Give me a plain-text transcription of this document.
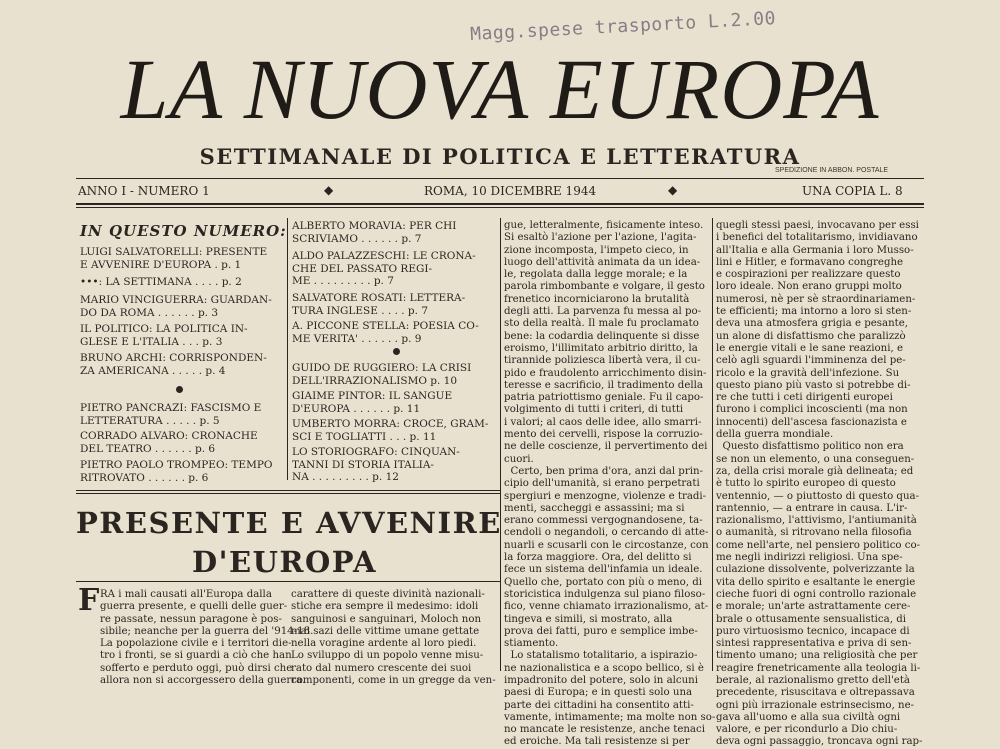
Magg.spese trasporto L.2.00
LA NUOVA EUROPA
SETTIMANALE DI POLITICA E LETTERATURA
SPEDIZIONE IN ABBON. POSTALE
ANNO I - NUMERO 1	◆	ROMA, 10 DICEMBRE 1944	◆	UNA COPIA L. 8
IN QUESTO NUMERO:
LUIGI SALVATORELLI: PRESENTE
E AVVENIRE D'EUROPA . p. 1
•••: LA SETTIMANA . . . . p. 2
MARIO VINCIGUERRA: GUARDAN-
DO DA ROMA . . . . . . p. 3
IL POLITICO: LA POLITICA IN-
GLESE E L'ITALIA . . . p. 3
BRUNO ARCHI: CORRISPONDEN-
ZA AMERICANA . . . . . p. 4
PIETRO PANCRAZI: FASCISMO E
LETTERATURA . . . . . p. 5
CORRADO ALVARO: CRONACHE
DEL TEATRO . . . . . . p. 6
PIETRO PAOLO TROMPEO: TEMPO
RITROVATO . . . . . . p. 6
ALBERTO MORAVIA: PER CHI
SCRIVIAMO . . . . . . p. 7
ALDO PALAZZESCHI: LE CRONA-
CHE DEL PASSATO REGI-
ME . . . . . . . . . p. 7
SALVATORE ROSATI: LETTERA-
TURA INGLESE . . . . p. 7
A. PICCONE STELLA: POESIA CO-
ME VERITA' . . . . . . p. 9
GUIDO DE RUGGIERO: LA CRISI
DELL'IRRAZIONALISMO p. 10
GIAIME PINTOR: IL SANGUE
D'EUROPA . . . . . . p. 11
UMBERTO MORRA: CROCE, GRAM-
SCI E TOGLIATTI . . . p. 11
LO STORIOGRAFO: CINQUAN-
TANNI DI STORIA ITALIA-
NA . . . . . . . . . p. 12
PRESENTE E AVVENIRE
D'EUROPA
F RA i mali causati all'Europa dalla
guerra presente, e quelli delle guer-
re passate, nessun paragone è pos-
sibile; neanche per la guerra del '914-18.
La popolazione civile e i territori die-
tro i fronti, se si guardi a ciò che han
sofferto e perduto oggi, può dirsi che
allora non si accorgessero della guerra.
carattere di queste divinità nazionali-
stiche era sempre il medesimo: idoli
sanguinosi e sanguinari, Moloch non
mai sazi delle vittime umane gettate
nella voragine ardente al loro piedi.
Lo sviluppo di un popolo venne misu-
rato dal numero crescente dei suoi
componenti, come in un gregge da ven-
gue, letteralmente, fisicamente inteso.
Si esaltò l'azione per l'azione, l'agita-
zione incomposta, l'impeto cieco, in
luogo dell'attività animata da un idea-
le, regolata dalla legge morale; e la
parola rimbombante e volgare, il gesto
frenetico incorniciarono la brutalità
degli atti. La parvenza fu messa al po-
sto della realtà. Il male fu proclamato
bene: la codardia delinquente si disse
eroismo, l'illimitato arbitrio diritto, la
tirannide poliziesca libertà vera, il cu-
pido e fraudolento arricchimento disin-
teresse e sacrificio, il tradimento della
patria patriottismo geniale. Fu il capo-
volgimento di tutti i criteri, di tutti
i valori; al caos delle idee, allo smarri-
mento dei cervelli, rispose la corruzio-
ne delle coscienze, il pervertimento dei
cuori.
Certo, ben prima d'ora, anzi dal prin-
cipio dell'umanità, si erano perpetrati
spergiuri e menzogne, violenze e tradi-
menti, saccheggi e assassini; ma si
erano commessi vergognandosene, ta-
cendoli o negandoli, o cercando di atte-
nuarli e scusarli con le circostanze, con
la forza maggiore. Ora, del delitto si
fece un sistema dell'infamia un ideale.
Quello che, portato con più o meno, di
storicistica indulgenza sul piano filoso-
fico, venne chiamato irrazionalismo, at-
tingeva e simili, si mostrato, alla
prova dei fatti, puro e semplice imbe-
stiamento.
Lo statalismo totalitario, a ispirazio-
ne nazionalistica e a scopo bellico, si è
impadronito del potere, solo in alcuni
paesi di Europa; e in questi solo una
parte dei cittadini ha consentito atti-
vamente, intimamente; ma molte non so-
no mancate le resistenze, anche tenaci
ed eroiche. Ma tali resistenze si per
quegli stessi paesi, invocavano per essi
i benefici del totalitarismo, invidiavano
all'Italia e alla Germania i loro Musso-
lini e Hitler, e formavano congreghe
e cospirazioni per realizzare questo
loro ideale. Non erano gruppi molto
numerosi, nè per sè straordinariamen-
te efficienti; ma intorno a loro si sten-
deva una atmosfera grigia e pesante,
un alone di disfattismo che paralizzò
le energie vitali e le sane reazioni, e
celò agli sguardi l'imminenza del pe-
ricolo e la gravità dell'infezione. Su
questo piano più vasto si potrebbe di-
re che tutti i ceti dirigenti europei
furono i complici incoscienti (ma non
innocenti) dell'ascesa fascionazista e
della guerra mondiale.
Questo disfattismo politico non era
se non un elemento, o una conseguen-
za, della crisi morale già delineata; ed
è tutto lo spirito europeo di questo
ventennio, — o piuttosto di questo qua-
rantennio, — a entrare in causa. L'ir-
razionalismo, l'attivismo, l'antiumanità
o aumanità, si ritrovano nella filosofia
come nell'arte, nel pensiero politico co-
me negli indirizzi religiosi. Una spe-
culazione dissolvente, polverizzante la
vita dello spirito e esaltante le energie
cieche fuori di ogni controllo razionale
e morale; un'arte astrattamente cere-
brale o ottusamente sensualistica, di
puro virtuosismo tecnico, incapace di
sintesi rappresentativa e priva di sen-
timento umano; una religiosità che per
reagire frenetricamente alla teologia li-
berale, al razionalismo gretto dell'età
precedente, risuscitava e oltrepassava
ogni più irrazionale estrinsecismo, ne-
gava all'uomo e alla sua civiltà ogni
valore, e per ricondurlo a Dio chiu-
deva ogni passaggio, troncava ogni rap-
